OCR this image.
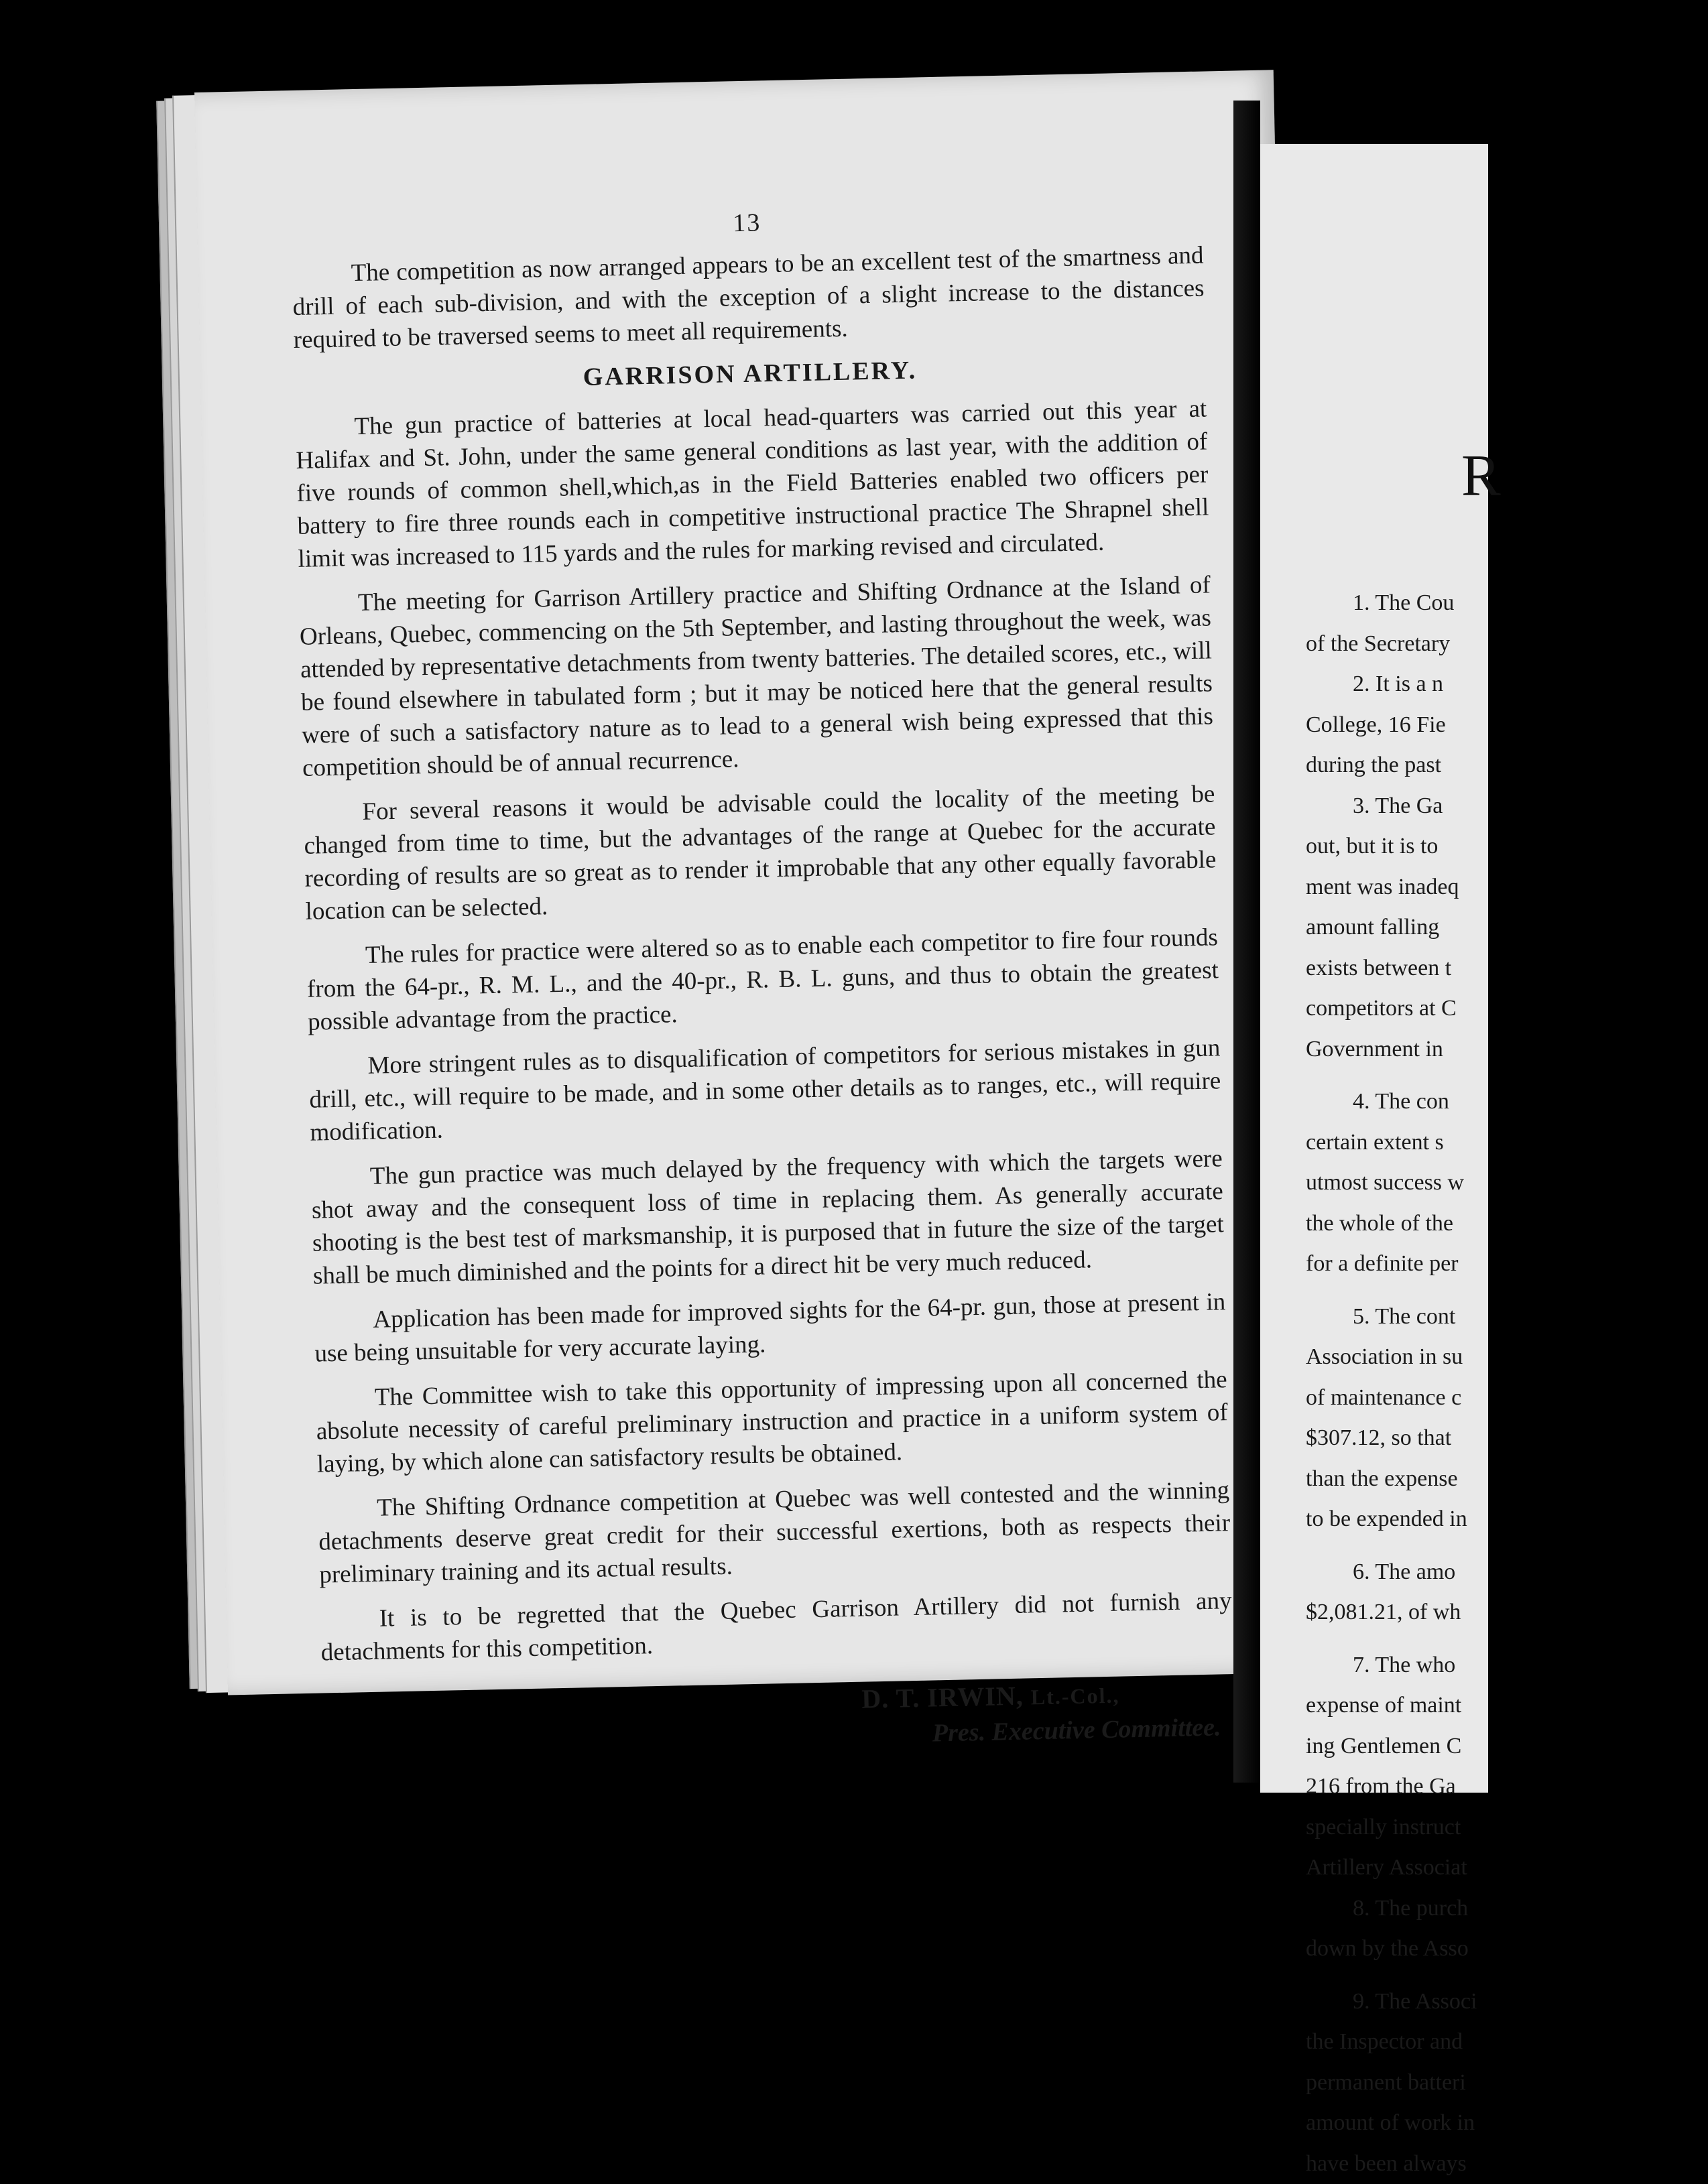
13

The competition as now arranged appears to be an excellent test of the smartness and drill of each sub-division, and with the exception of a slight increase to the distances required to be traversed seems to meet all requirements.

GARRISON ARTILLERY.

The gun practice of batteries at local head-quarters was carried out this year at Halifax and St. John, under the same general conditions as last year, with the addition of five rounds of common shell,which,as in the Field Batteries enabled two officers per battery to fire three rounds each in competitive instructional practice The Shrapnel shell limit was increased to 115 yards and the rules for marking revised and circulated.

The meeting for Garrison Artillery practice and Shifting Ordnance at the Island of Orleans, Quebec, commencing on the 5th September, and lasting throughout the week, was attended by representative detachments from twenty batteries. The detailed scores, etc., will be found elsewhere in tabulated form ; but it may be noticed here that the general results were of such a satisfactory nature as to lead to a general wish being expressed that this competition should be of annual recurrence.

For several reasons it would be advisable could the locality of the meeting be changed from time to time, but the advantages of the range at Quebec for the accurate recording of results are so great as to render it improbable that any other equally favorable location can be selected.

The rules for practice were altered so as to enable each competitor to fire four rounds from the 64-pr., R. M. L., and the 40-pr., R. B. L. guns, and thus to obtain the greatest possible advantage from the practice.

More stringent rules as to disqualification of competitors for serious mistakes in gun drill, etc., will require to be made, and in some other details as to ranges, etc., will require modification.

The gun practice was much delayed by the frequency with which the targets were shot away and the consequent loss of time in replacing them. As generally accurate shooting is the best test of marksmanship, it is purposed that in future the size of the target shall be much diminished and the points for a direct hit be very much reduced.

Application has been made for improved sights for the 64-pr. gun, those at present in use being unsuitable for very accurate laying.

The Committee wish to take this opportunity of impressing upon all concerned the absolute necessity of careful preliminary instruction and practice in a uniform system of laying, by which alone can satisfactory results be obtained.

The Shifting Ordnance competition at Quebec was well contested and the winning detachments deserve great credit for their successful exertions, both as respects their preliminary training and its actual results.

It is to be regretted that the Quebec Garrison Artillery did not furnish any detachments for this competition.

D. T. IRWIN, Lt.-Col.,
Pres. Executive Committee.
R
1. The Cou
of the Secretary
2. It is a n
College, 16 Fie
during the past
3. The Ga
out, but it is to
ment was inadeq
amount falling
exists between t
competitors at C
Government in
4. The con
certain extent s
utmost success w
the whole of the
for a definite per
5. The cont
Association in su
of maintenance c
$307.12, so that
than the expense
to be expended in
6. The amo
$2,081.21, of wh
7. The who
expense of maint
ing Gentlemen C
216 from the Ga
specially instruct
Artillery Associat
8. The purch
down by the Asso
9. The Associ
the Inspector and
permanent batteri
amount of work in
have been always
